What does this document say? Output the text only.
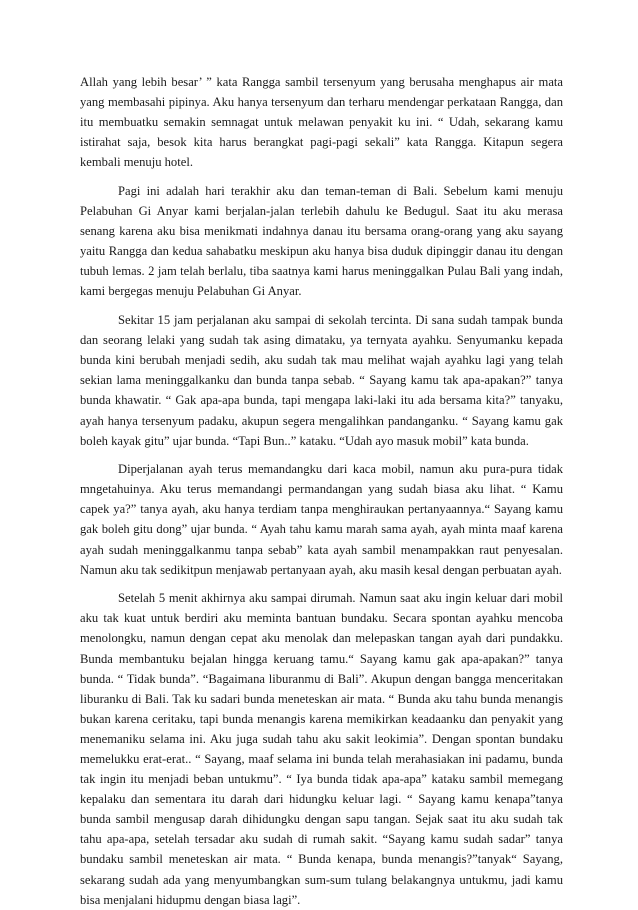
Allah yang lebih besar’ ” kata Rangga sambil tersenyum yang berusaha menghapus air mata yang membasahi pipinya. Aku hanya tersenyum dan terharu mendengar perkataan Rangga, dan itu membuatku semakin semnagat untuk melawan penyakit ku ini. “ Udah, sekarang kamu istirahat saja, besok kita harus berangkat pagi-pagi sekali” kata Rangga. Kitapun segera kembali menuju hotel.

Pagi ini adalah hari terakhir aku dan teman-teman di Bali. Sebelum kami menuju Pelabuhan Gi Anyar kami berjalan-jalan terlebih dahulu ke Bedugul. Saat itu aku merasa senang karena aku bisa menikmati indahnya danau itu bersama orang-orang yang aku sayang yaitu Rangga dan kedua sahabatku meskipun aku hanya bisa duduk dipinggir danau itu dengan tubuh lemas. 2 jam telah berlalu, tiba saatnya kami harus meninggalkan Pulau Bali yang indah, kami bergegas menuju Pelabuhan Gi Anyar.

Sekitar 15 jam perjalanan aku sampai di sekolah tercinta. Di sana sudah tampak bunda dan seorang lelaki yang sudah tak asing dimataku, ya ternyata ayahku. Senyumanku kepada bunda kini berubah menjadi sedih, aku sudah tak mau melihat wajah ayahku lagi yang telah sekian lama meninggalkanku dan bunda tanpa sebab. “ Sayang kamu tak apa-apakan?” tanya bunda khawatir. “ Gak apa-apa bunda, tapi mengapa laki-laki itu ada bersama kita?” tanyaku, ayah hanya tersenyum padaku, akupun segera mengalihkan pandanganku. “ Sayang kamu gak boleh kayak gitu” ujar bunda. “Tapi Bun..” kataku. “Udah ayo masuk mobil” kata bunda.

Diperjalanan ayah terus memandangku dari kaca mobil, namun aku pura-pura tidak mngetahuinya. Aku terus memandangi permandangan yang sudah biasa aku lihat. “ Kamu capek ya?” tanya ayah, aku hanya terdiam tanpa menghiraukan pertanyaannya.“ Sayang kamu gak boleh gitu dong” ujar bunda. “ Ayah tahu kamu marah sama ayah, ayah minta maaf karena ayah sudah meninggalkanmu tanpa sebab” kata ayah sambil menampakkan raut penyesalan. Namun aku tak sedikitpun menjawab pertanyaan ayah, aku masih kesal dengan perbuatan ayah.

Setelah 5 menit akhirnya aku sampai dirumah. Namun saat aku ingin keluar dari mobil aku tak kuat untuk berdiri aku meminta bantuan bundaku. Secara spontan ayahku mencoba menolongku, namun dengan cepat aku menolak dan melepaskan tangan ayah dari pundakku. Bunda membantuku bejalan hingga keruang tamu.“ Sayang kamu gak apa-apakan?” tanya bunda. “ Tidak bunda”. “Bagaimana liburanmu di Bali”. Akupun dengan bangga menceritakan liburanku di Bali. Tak ku sadari bunda meneteskan air mata. “ Bunda aku tahu bunda menangis bukan karena ceritaku, tapi bunda menangis karena memikirkan keadaanku dan penyakit yang menemaniku selama ini. Aku juga sudah tahu aku sakit leokimia”. Dengan spontan bundaku memelukku erat-erat.. “ Sayang, maaf selama ini bunda telah merahasiakan ini padamu, bunda tak ingin itu menjadi beban untukmu”. “ Iya bunda tidak apa-apa” kataku sambil memegang kepalaku dan sementara itu darah dari hidungku keluar lagi. “ Sayang kamu kenapa”tanya bunda sambil mengusap darah dihidungku dengan sapu tangan. Sejak saat itu aku sudah tak tahu apa-apa, setelah tersadar aku sudah di rumah sakit. “Sayang kamu sudah sadar” tanya bundaku sambil meneteskan air mata. “ Bunda kenapa, bunda menangis?”tanyak“ Sayang, sekarang sudah ada yang menyumbangkan sum-sum tulang belakangnya untukmu, jadi kamu bisa menjalani hidupmu dengan biasa lagi”.
